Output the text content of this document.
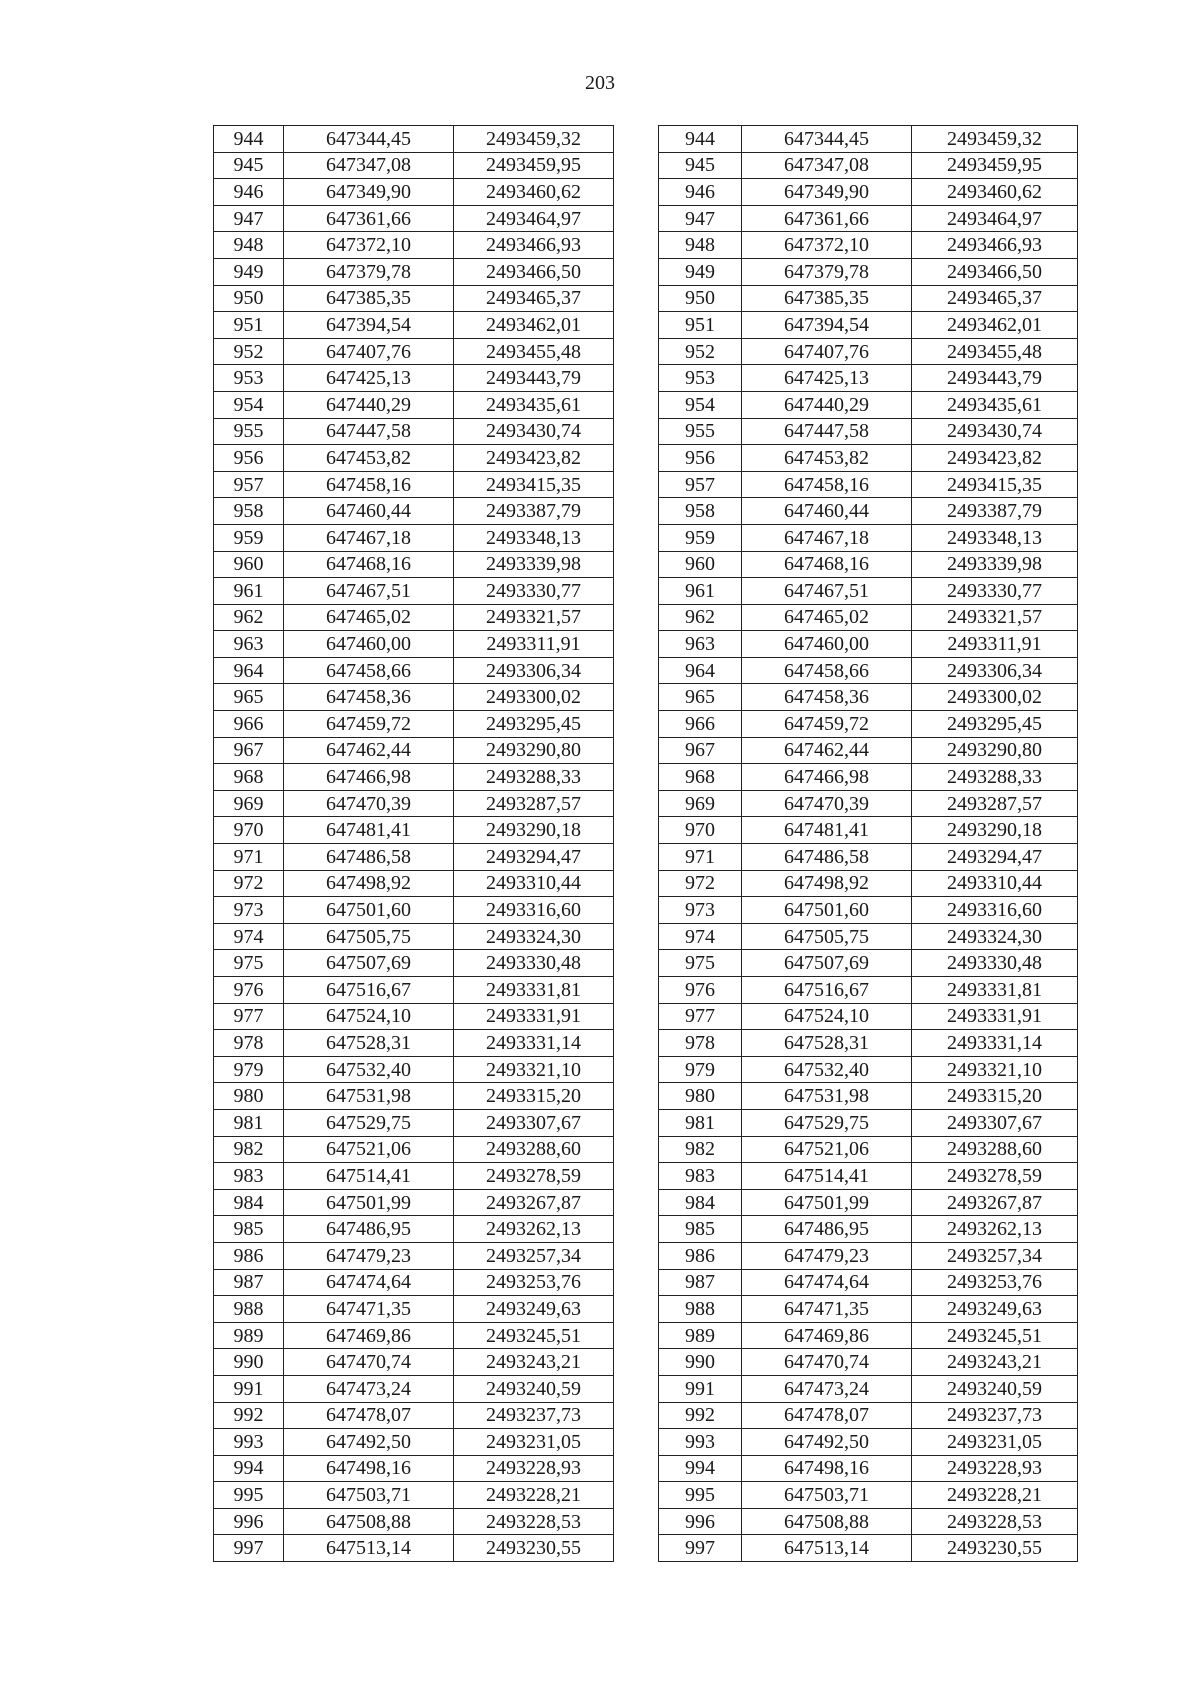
203
944	647344,45	2493459,32		944	647344,45	2493459,32
945	647347,08	2493459,95		945	647347,08	2493459,95
946	647349,90	2493460,62		946	647349,90	2493460,62
947	647361,66	2493464,97		947	647361,66	2493464,97
948	647372,10	2493466,93		948	647372,10	2493466,93
949	647379,78	2493466,50		949	647379,78	2493466,50
950	647385,35	2493465,37		950	647385,35	2493465,37
951	647394,54	2493462,01		951	647394,54	2493462,01
952	647407,76	2493455,48		952	647407,76	2493455,48
953	647425,13	2493443,79		953	647425,13	2493443,79
954	647440,29	2493435,61		954	647440,29	2493435,61
955	647447,58	2493430,74		955	647447,58	2493430,74
956	647453,82	2493423,82		956	647453,82	2493423,82
957	647458,16	2493415,35		957	647458,16	2493415,35
958	647460,44	2493387,79		958	647460,44	2493387,79
959	647467,18	2493348,13		959	647467,18	2493348,13
960	647468,16	2493339,98		960	647468,16	2493339,98
961	647467,51	2493330,77		961	647467,51	2493330,77
962	647465,02	2493321,57		962	647465,02	2493321,57
963	647460,00	2493311,91		963	647460,00	2493311,91
964	647458,66	2493306,34		964	647458,66	2493306,34
965	647458,36	2493300,02		965	647458,36	2493300,02
966	647459,72	2493295,45		966	647459,72	2493295,45
967	647462,44	2493290,80		967	647462,44	2493290,80
968	647466,98	2493288,33		968	647466,98	2493288,33
969	647470,39	2493287,57		969	647470,39	2493287,57
970	647481,41	2493290,18		970	647481,41	2493290,18
971	647486,58	2493294,47		971	647486,58	2493294,47
972	647498,92	2493310,44		972	647498,92	2493310,44
973	647501,60	2493316,60		973	647501,60	2493316,60
974	647505,75	2493324,30		974	647505,75	2493324,30
975	647507,69	2493330,48		975	647507,69	2493330,48
976	647516,67	2493331,81		976	647516,67	2493331,81
977	647524,10	2493331,91		977	647524,10	2493331,91
978	647528,31	2493331,14		978	647528,31	2493331,14
979	647532,40	2493321,10		979	647532,40	2493321,10
980	647531,98	2493315,20		980	647531,98	2493315,20
981	647529,75	2493307,67		981	647529,75	2493307,67
982	647521,06	2493288,60		982	647521,06	2493288,60
983	647514,41	2493278,59		983	647514,41	2493278,59
984	647501,99	2493267,87		984	647501,99	2493267,87
985	647486,95	2493262,13		985	647486,95	2493262,13
986	647479,23	2493257,34		986	647479,23	2493257,34
987	647474,64	2493253,76		987	647474,64	2493253,76
988	647471,35	2493249,63		988	647471,35	2493249,63
989	647469,86	2493245,51		989	647469,86	2493245,51
990	647470,74	2493243,21		990	647470,74	2493243,21
991	647473,24	2493240,59		991	647473,24	2493240,59
992	647478,07	2493237,73		992	647478,07	2493237,73
993	647492,50	2493231,05		993	647492,50	2493231,05
994	647498,16	2493228,93		994	647498,16	2493228,93
995	647503,71	2493228,21		995	647503,71	2493228,21
996	647508,88	2493228,53		996	647508,88	2493228,53
997	647513,14	2493230,55		997	647513,14	2493230,55
